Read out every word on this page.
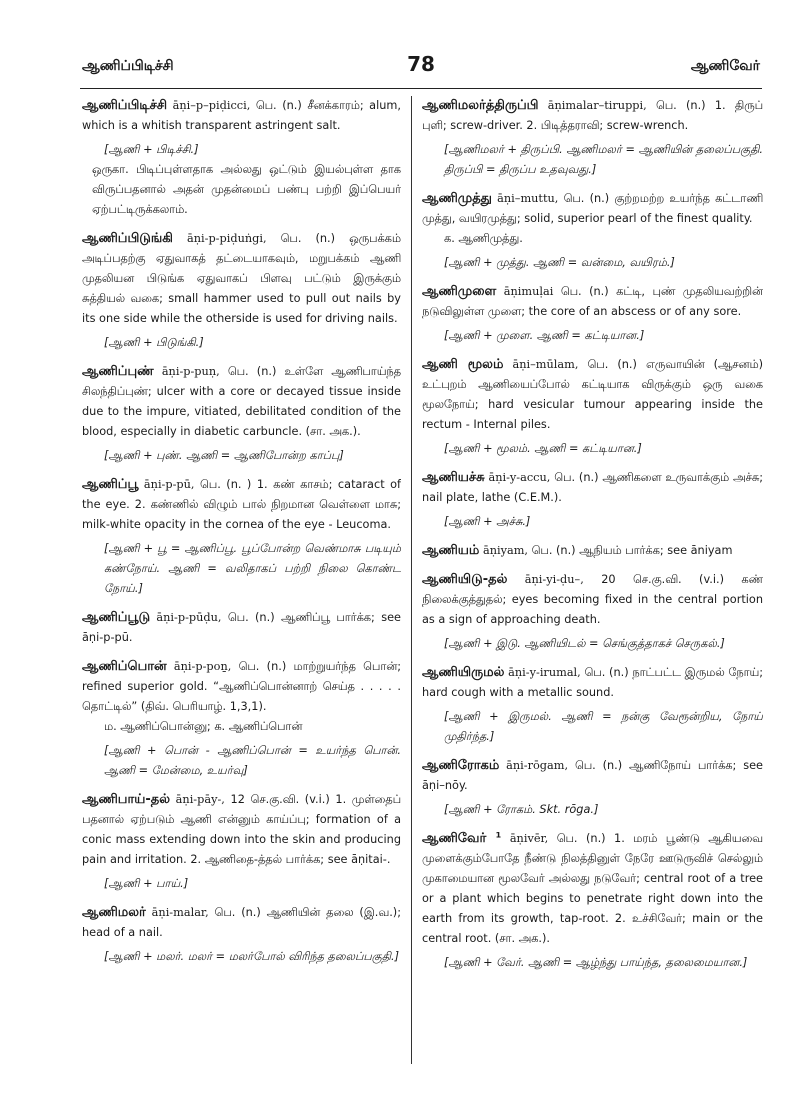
ஆணிப்பிடிச்சி	78	ஆணிவேர்
ஆணிப்பிடிச்சி āṇi–p–piḍicci, பெ. (n.) சீனக்காரம்; alum, which is a whitish transparent astringent salt.
[ஆணி + பிடிச்சி.]
ஒருகா. பிடிப்புள்ளதாக அல்லது ஒட்டும் இயல்புள்ள தாக விருப்பதனால் அதன் முதன்மைப் பண்பு பற்றி இப்பெயர் ஏற்பட்டிருக்கலாம்.
ஆணிப்பிடுங்கி āṇi-p-piḍuṅgi, பெ. (n.) ஒருபக்கம் அடிப்பதற்கு ஏதுவாகத் தட்டையாகவும், மறுபக்கம் ஆணி முதலியன பிடுங்க ஏதுவாகப் பிளவு பட்டும் இருக்கும் சுத்தியல் வகை; small hammer used to pull out nails by its one side while the otherside is used for driving nails.
[ஆணி + பிடுங்கி.]
ஆணிப்புண் āṇi-p-puṇ, பெ. (n.) உள்ளே ஆணிபாய்ந்த சிலந்திப்புண்; ulcer with a core or decayed tissue inside due to the impure, vitiated, debilitated condition of the blood, especially in diabetic carbuncle. (சா. அக.).
[ஆணி + புண். ஆணி = ஆணிபோன்ற காப்பு]
ஆணிப்பூ āṇi-p-pū, பெ. (n. ) 1. கண் காசம்; cataract of the eye. 2. கண்ணில் விழும் பால் நிறமான வெள்ளை மாசு; milk-white opacity in the cornea of the eye - Leucoma.
[ஆணி + பூ = ஆணிப்பூ. பூப்போன்ற வெண்மாசு படியும் கண்நோய். ஆணி = வலிதாகப் பற்றி நிலை கொண்ட நோய்.]
ஆணிப்பூடு āṇi-p-pūḍu, பெ. (n.) ஆணிப்பூ பார்க்க; see āṇi-p-pū.
ஆணிப்பொன் āṇi-p-poṉ, பெ. (n.) மாற்றுயர்ந்த பொன்; refined superior gold. “ஆணிப்பொன்னாற் செய்த . . . . . தொட்டில்” (திவ். பெரியாழ். 1,3,1).
ம. ஆணிப்பொன்னு; க. ஆணிப்பொன்
[ஆணி + பொன் - ஆணிப்பொன் = உயர்ந்த பொன். ஆணி = மேன்மை, உயர்வு]
ஆணிபாய்-தல் āṇi-pāy-, 12 செ.கு.வி. (v.i.) 1. முள்தைப் பதனால் ஏற்படும் ஆணி என்னும் காய்ப்பு; formation of a conic mass extending down into the skin and producing pain and irritation. 2. ஆணிதை-த்தல் பார்க்க; see āṇitai-.
[ஆணி + பாய்.]
ஆணிமலர் āṇi-malar, பெ. (n.) ஆணியின் தலை (இ.வ.); head of a nail.
[ஆணி + மலர். மலர் = மலர்போல் விரிந்த தலைப்பகுதி.]
ஆணிமலர்த்திருப்பி āṇimalar–tiruppi, பெ. (n.) 1. திருப் புளி; screw-driver. 2. பிடித்தராவி; screw-wrench.
[ஆணிமலர் + திருப்பி. ஆணிமலர் = ஆணியின் தலைப்பகுதி. திருப்பி = திருப்ப உதவுவது.]
ஆணிமுத்து āṇi–muttu, பெ. (n.) குற்றமற்ற உயர்ந்த கட்டாணி முத்து, வயிரமுத்து; solid, superior pearl of the finest quality.
க. ஆணிமுத்து.
[ஆணி + முத்து. ஆணி = வன்மை, வயிரம்.]
ஆணிமுளை āṇimuḷai பெ. (n.) கட்டி, புண் முதலியவற்றின் நடுவிலுள்ள முளை; the core of an abscess or of any sore.
[ஆணி + முளை. ஆணி = கட்டியான.]
ஆணி மூலம் āṇi–mūlam, பெ. (n.) எருவாயின் (ஆசனம்) உட்புறம் ஆணியைப்போல் கட்டியாக விருக்கும் ஒரு வகை மூலநோய்; hard vesicular tumour appearing inside the rectum - Internal piles.
[ஆணி + மூலம். ஆணி = கட்டியான.]
ஆணியச்சு āṇi-y-accu, பெ. (n.) ஆணிகளை உருவாக்கும் அச்சு; nail plate, lathe (C.E.M.).
[ஆணி + அச்சு.]
ஆணியம் āṇiyam, பெ. (n.) ஆநியம் பார்க்க; see āniyam
ஆணியிடு-தல் āṇi-yi-ḍu–, 20 செ.கு.வி. (v.i.) கண் நிலைக்குத்துதல்; eyes becoming fixed in the central portion as a sign of approaching death.
[ஆணி + இடு. ஆணியிடல் = செங்குத்தாகச் செருகல்.]
ஆணியிருமல் āṇi-y-irumal, பெ. (n.) நாட்பட்ட இருமல் நோய்; hard cough with a metallic sound.
[ஆணி + இருமல். ஆணி = நன்கு வேரூன்றிய, நோய் முதிர்ந்த.]
ஆணிரோகம் āṇi-rōgam, பெ. (n.) ஆணிநோய் பார்க்க; see āṇi–nōy.
[ஆணி + ரோகம். Skt. rōga.]
ஆணிவேர் ¹ āṇivēr, பெ. (n.) 1. மரம் பூண்டு ஆகியவை முளைக்கும்போதே நீண்டு நிலத்தினுள் நேரே ஊடுருவிச் செல்லும் முகாமையான மூலவேர் அல்லது நடுவேர்; central root of a tree or a plant which begins to penetrate right down into the earth from its growth, tap-root. 2. உச்சிவேர்; main or the central root. (சா. அக.).
[ஆணி + வேர். ஆணி = ஆழ்ந்து பாய்ந்த, தலைமையான.]
